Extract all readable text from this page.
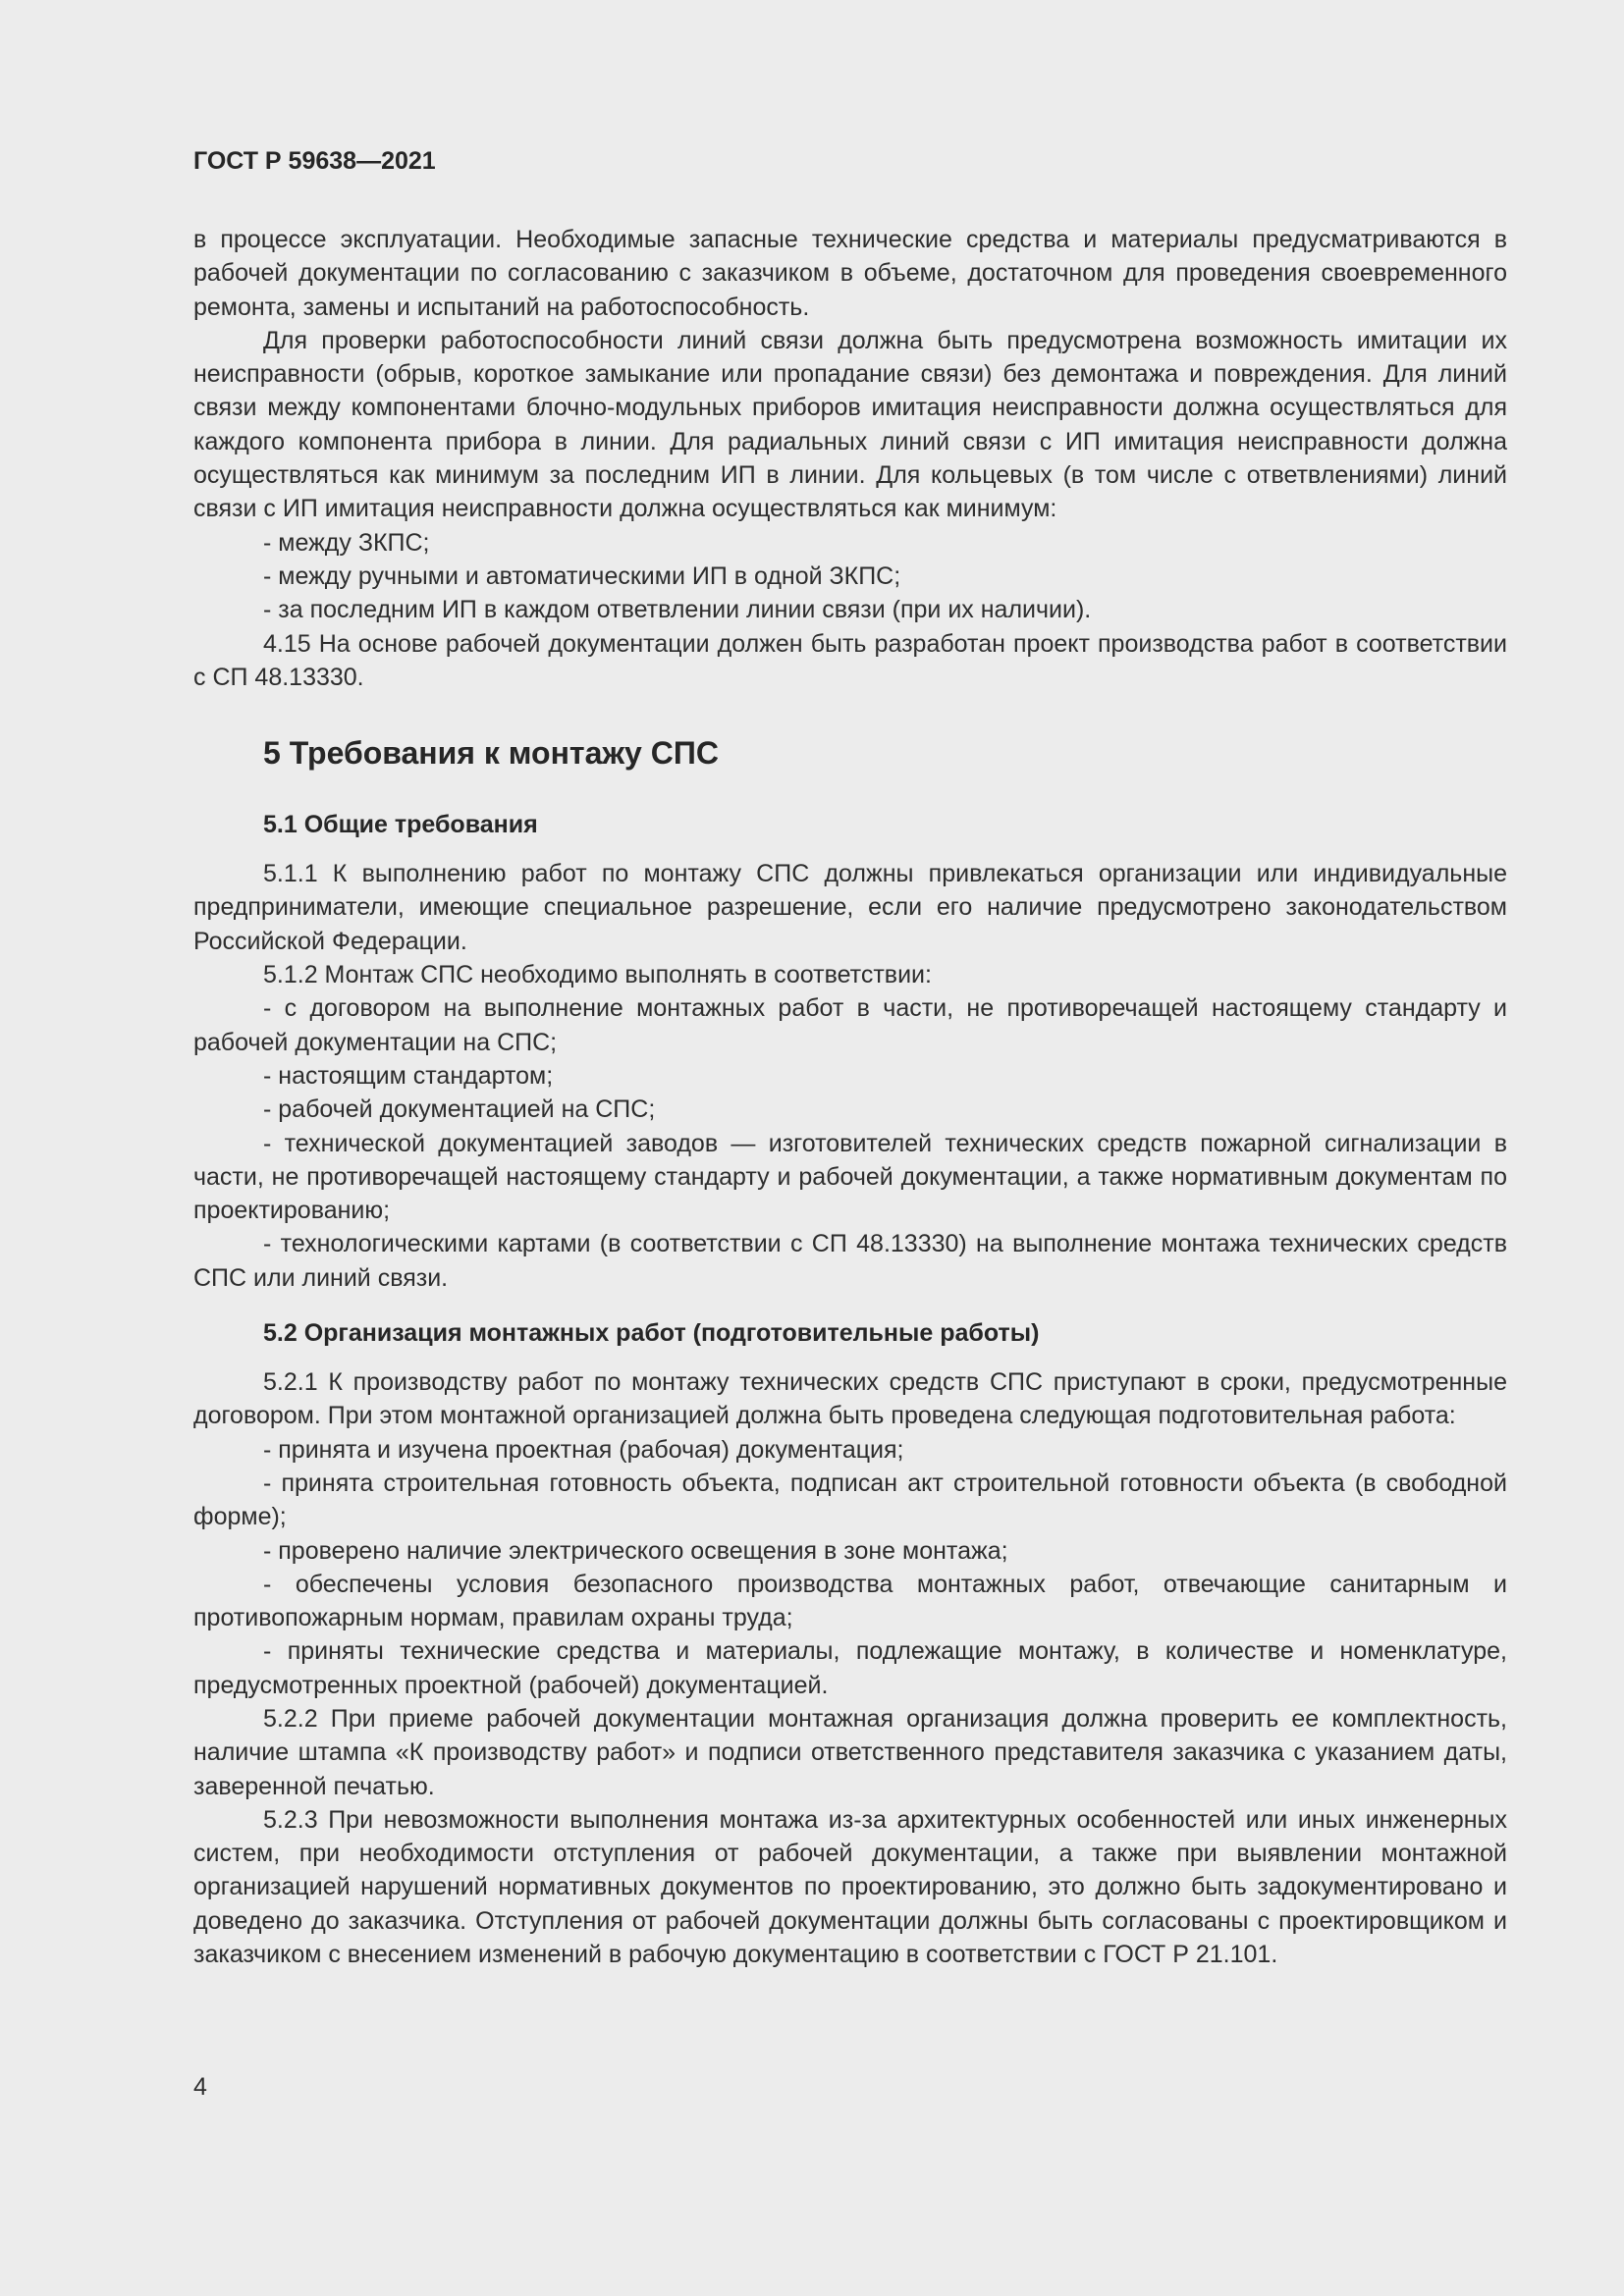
ГОСТ Р 59638—2021

в процессе эксплуатации. Необходимые запасные технические средства и материалы предусматриваются в рабочей документации по согласованию с заказчиком в объеме, достаточном для проведения своевременного ремонта, замены и испытаний на работоспособность.

Для проверки работоспособности линий связи должна быть предусмотрена возможность имитации их неисправности (обрыв, короткое замыкание или пропадание связи) без демонтажа и повреждения. Для линий связи между компонентами блочно-модульных приборов имитация неисправности должна осуществляться для каждого компонента прибора в линии. Для радиальных линий связи с ИП имитация неисправности должна осуществляться как минимум за последним ИП в линии. Для кольцевых (в том числе с ответвлениями) линий связи с ИП имитация неисправности должна осуществляться как минимум:

- между ЗКПС;

- между ручными и автоматическими ИП в одной ЗКПС;

- за последним ИП в каждом ответвлении линии связи (при их наличии).

4.15 На основе рабочей документации должен быть разработан проект производства работ в соответствии с СП 48.13330.

5 Требования к монтажу СПС
5.1 Общие требования

5.1.1 К выполнению работ по монтажу СПС должны привлекаться организации или индивидуальные предприниматели, имеющие специальное разрешение, если его наличие предусмотрено законодательством Российской Федерации.

5.1.2 Монтаж СПС необходимо выполнять в соответствии:

- с договором на выполнение монтажных работ в части, не противоречащей настоящему стандарту и рабочей документации на СПС;

- настоящим стандартом;

- рабочей документацией на СПС;

- технической документацией заводов — изготовителей технических средств пожарной сигнализации в части, не противоречащей настоящему стандарту и рабочей документации, а также нормативным документам по проектированию;

- технологическими картами (в соответствии с СП 48.13330) на выполнение монтажа технических средств СПС или линий связи.

5.2 Организация монтажных работ (подготовительные работы)

5.2.1 К производству работ по монтажу технических средств СПС приступают в сроки, предусмотренные договором. При этом монтажной организацией должна быть проведена следующая подготовительная работа:

- принята и изучена проектная (рабочая) документация;

- принята строительная готовность объекта, подписан акт строительной готовности объекта (в свободной форме);

- проверено наличие электрического освещения в зоне монтажа;

- обеспечены условия безопасного производства монтажных работ, отвечающие санитарным и противопожарным нормам, правилам охраны труда;

- приняты технические средства и материалы, подлежащие монтажу, в количестве и номенклатуре, предусмотренных проектной (рабочей) документацией.

5.2.2 При приеме рабочей документации монтажная организация должна проверить ее комплектность, наличие штампа «К производству работ» и подписи ответственного представителя заказчика с указанием даты, заверенной печатью.

5.2.3 При невозможности выполнения монтажа из-за архитектурных особенностей или иных инженерных систем, при необходимости отступления от рабочей документации, а также при выявлении монтажной организацией нарушений нормативных документов по проектированию, это должно быть задокументировано и доведено до заказчика. Отступления от рабочей документации должны быть согласованы с проектировщиком и заказчиком с внесением изменений в рабочую документацию в соответствии с ГОСТ Р 21.101.

4
